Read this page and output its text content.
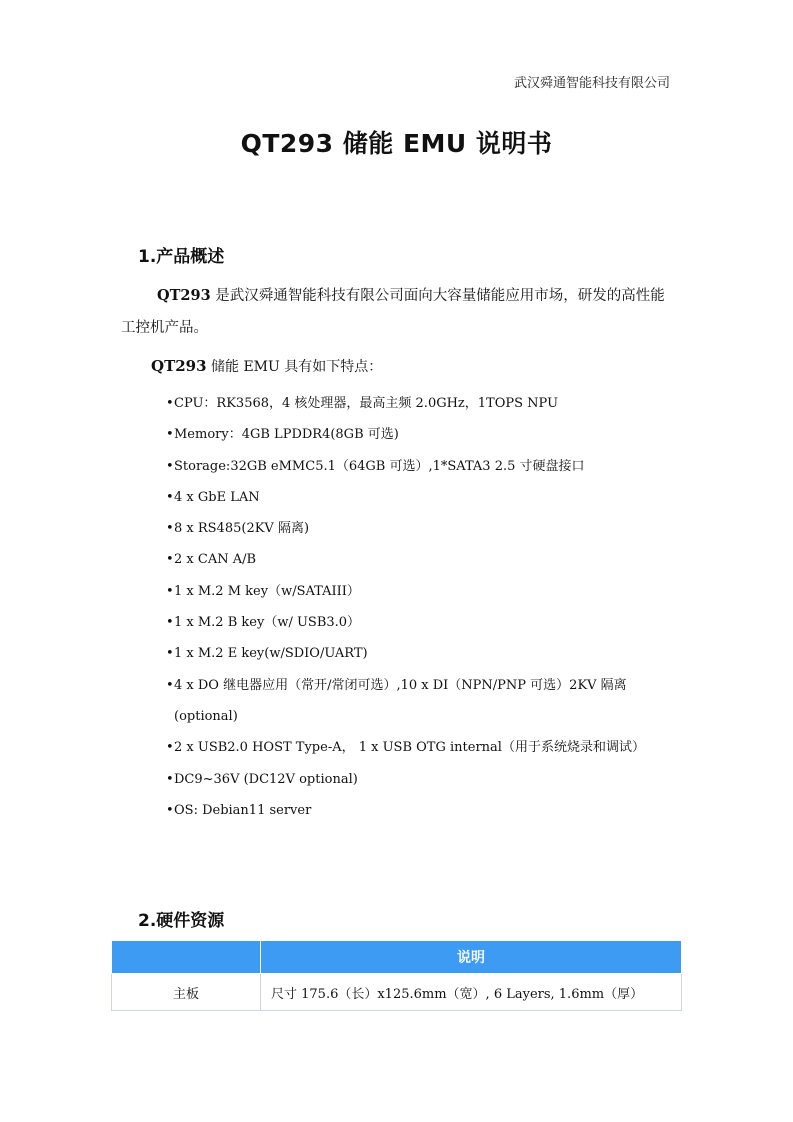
武汉舜通智能科技有限公司
QT293 储能 EMU 说明书
1.产品概述
QT293 是武汉舜通智能科技有限公司面向大容量储能应用市场，研发的高性能工控机产品。
QT293 储能 EMU 具有如下特点：
• CPU：RK3568，4 核处理器，最高主频 2.0GHz，1TOPS NPU
• Memory：4GB LPDDR4(8GB 可选)
• Storage:32GB eMMC5.1（64GB 可选）,1*SATA3 2.5 寸硬盘接口
• 4 x GbE LAN
• 8 x RS485(2KV 隔离)
• 2 x CAN A/B
• 1 x M.2 M key（w/SATAIII）
• 1 x M.2 B key（w/ USB3.0）
• 1 x M.2 E key(w/SDIO/UART)
• 4 x DO 继电器应用（常开/常闭可选）,10 x DI（NPN/PNP 可选）2KV 隔离(optional)
• 2 x USB2.0 HOST Type-A， 1 x USB OTG internal（用于系统烧录和调试）
• DC9~36V (DC12V optional)
• OS: Debian11 server
2.硬件资源
	说明
主板	尺寸 175.6（长）x125.6mm（宽）, 6 Layers, 1.6mm（厚）
